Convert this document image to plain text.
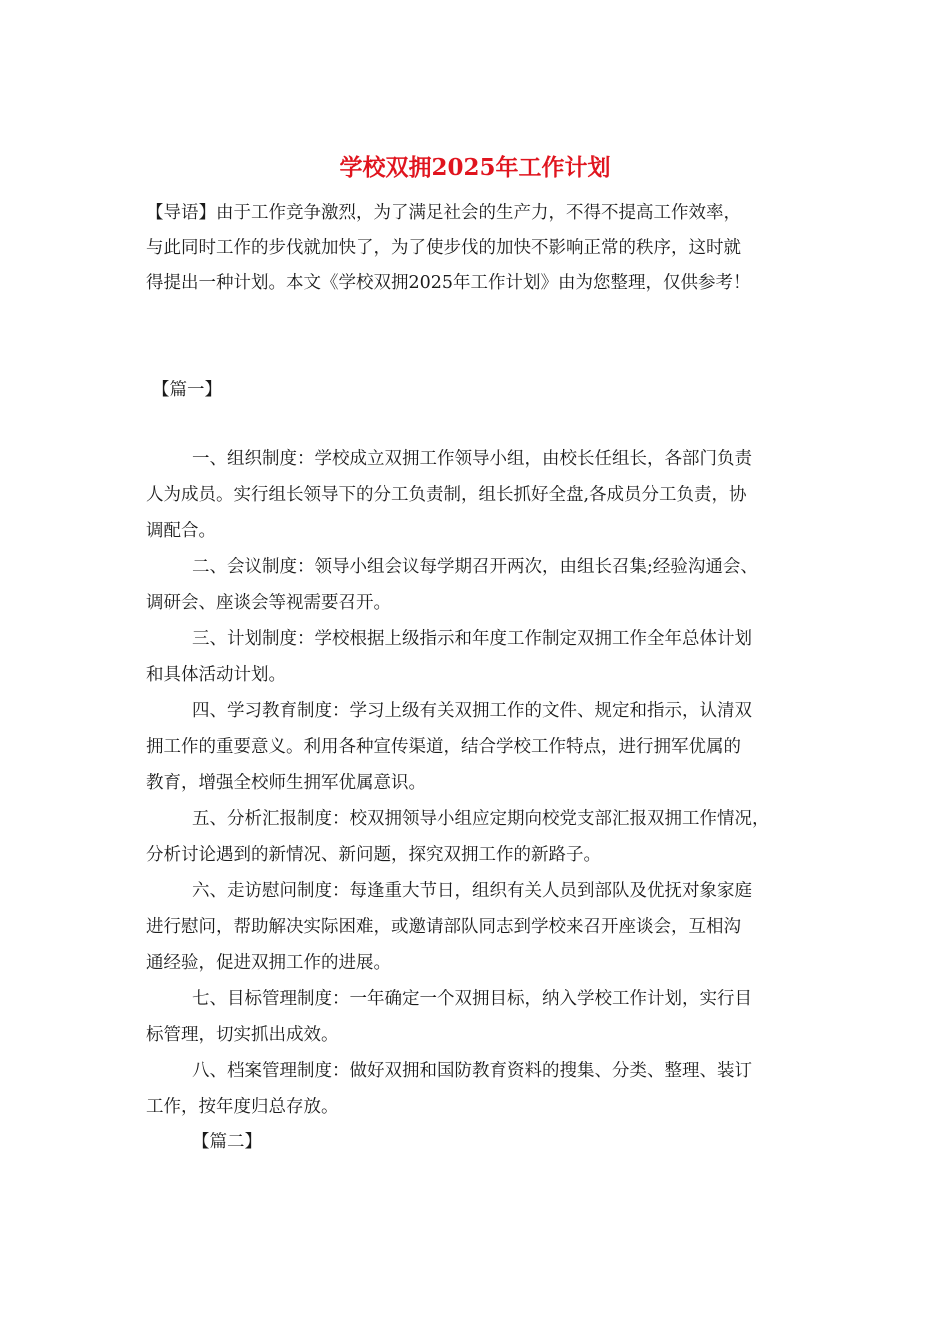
学校双拥2025年工作计划
【导语】由于工作竞争激烈，为了满足社会的生产力，不得不提高工作效率，
与此同时工作的步伐就加快了，为了使步伐的加快不影响正常的秩序，这时就
得提出一种计划。本文《学校双拥2025年工作计划》由为您整理，仅供参考！

【篇一】

一、组织制度：学校成立双拥工作领导小组，由校长任组长，各部门负责
人为成员。实行组长领导下的分工负责制，组长抓好全盘,各成员分工负责，协
调配合。
二、会议制度：领导小组会议每学期召开两次，由组长召集;经验沟通会、
调研会、座谈会等视需要召开。
三、计划制度：学校根据上级指示和年度工作制定双拥工作全年总体计划
和具体活动计划。
四、学习教育制度：学习上级有关双拥工作的文件、规定和指示，认清双
拥工作的重要意义。利用各种宣传渠道，结合学校工作特点，进行拥军优属的
教育，增强全校师生拥军优属意识。
五、分析汇报制度：校双拥领导小组应定期向校党支部汇报双拥工作情况，
分析讨论遇到的新情况、新问题，探究双拥工作的新路子。
六、走访慰问制度：每逢重大节日，组织有关人员到部队及优抚对象家庭
进行慰问，帮助解决实际困难，或邀请部队同志到学校来召开座谈会，互相沟
通经验，促进双拥工作的进展。
七、目标管理制度：一年确定一个双拥目标，纳入学校工作计划，实行目
标管理，切实抓出成效。
八、档案管理制度：做好双拥和国防教育资料的搜集、分类、整理、装订
工作，按年度归总存放。

【篇二】
